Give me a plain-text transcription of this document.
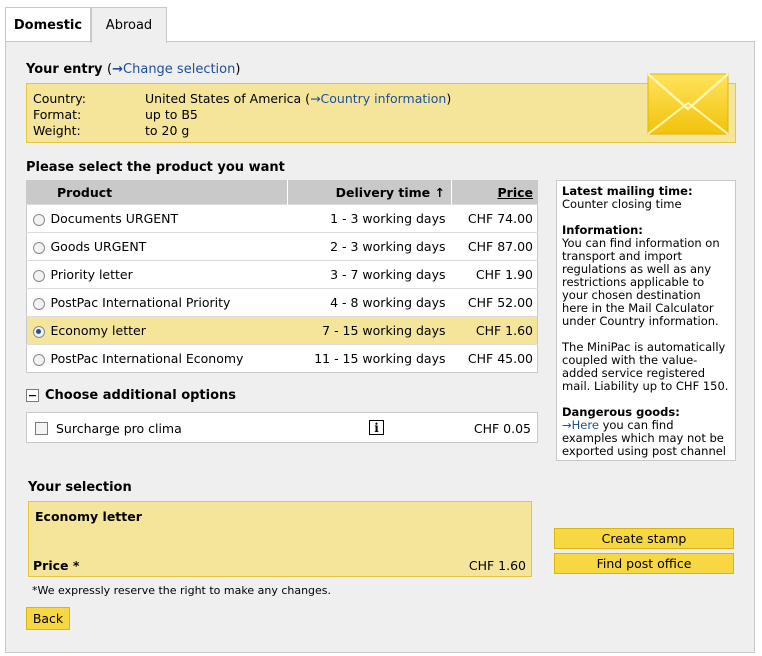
Domestic	Abroad
Your entry (→Change selection)
Country:	United States of America (→Country information)
Format:	up to B5
Weight:	to 20 g
Please select the product you want
Product		Delivery time ↑	Price
	Documents URGENT	1 - 3 working days	CHF 74.00
	Goods URGENT	2 - 3 working days	CHF 87.00
	Priority letter	3 - 7 working days	CHF 1.90
	PostPac International Priority	4 - 8 working days	CHF 52.00
	Economy letter	7 - 15 working days	CHF 1.60
	PostPac International Economy	11 - 15 working days	CHF 45.00

Latest mailing time:
Counter closing time

Information:
You can find information on transport and import regulations as well as any restrictions applicable to your chosen destination here in the Mail Calculator under Country information.

The MiniPac is automatically coupled with the value-added service registered mail. Liability up to CHF 150.

Dangerous goods:
→Here you can find examples which may not be exported using post channel

− Choose additional options
Surcharge pro clima	i	CHF 0.05
Your selection
Economy letter
Price *	CHF 1.60
Create stamp
Find post office
*We expressly reserve the right to make any changes.
Back
